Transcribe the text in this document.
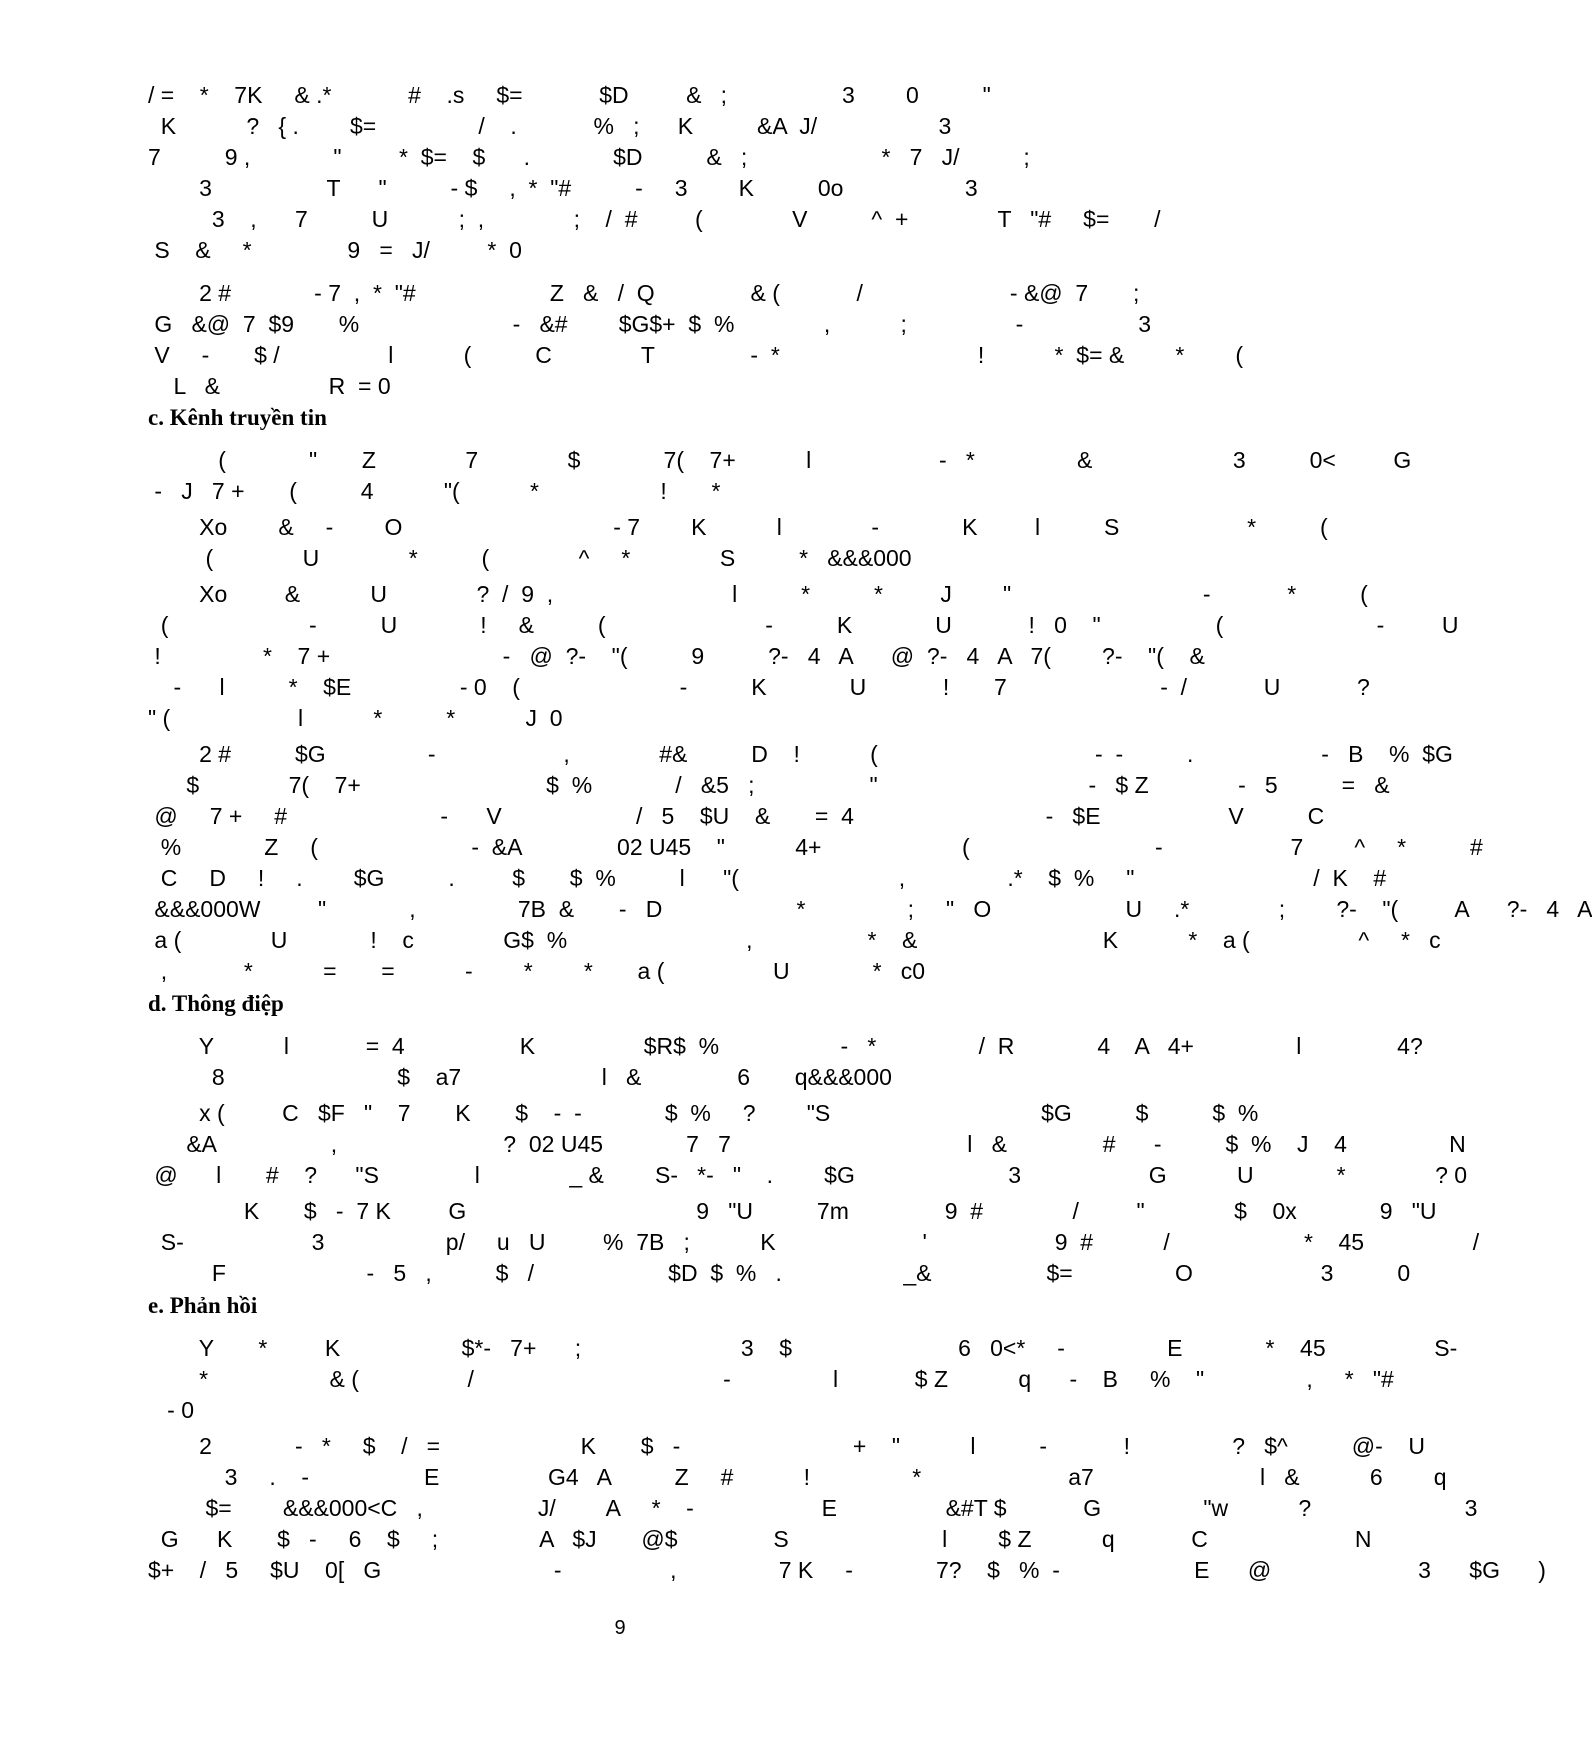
/ =    *    7K     & .*            #    .s     $=            $D         &   ;                  3        0          "
K           ?   { .        $=                /    .            %   ;      K          &A  J/                   3
7          9 ,             "         *  $=    $      .             $D          &   ;                     *   7   J/          ;
3                  T      "          - $     ,  *  "#          -     3        K          0o                   3
3    ,      7          U           ;  ,              ;    /  #         (              V          ^  +              T   "#     $=       /
S    &     *               9   =   J/         *  0
2 #             - 7  ,  *  "#                     Z   &   /  Q               & (            /                       - &@  7       ;
G   &@  7  $9       %                        -   &#        $G$+  $  %              ,           ;                 -                  3
V     -       $ /                 l           (          C              T               -  *                               !           *  $= &        *        (
L   &                 R  = 0
(             "       Z              7              $             7(    7+           l                    -   *                &                      3          0<         G
-   J   7 +       (          4           "(           *                   !       *
Xo        &     -        O                                 - 7        K           l              -             K         l          S                    *          (
(              U              *          (              ^     *              S          *   &&&000
Xo         &           U              ?  /  9  ,                            l          *          *         J        "                              -            *          (
(                      -          U             !     &          (                         -          K             U            !   0    "                  (                        -         U
!                *    7 +                           -   @  ?-    "(          9          ?-   4   A      @  ?-   4   A   7(        ?-    "(    &
-      l          *    $E                 - 0    (                         -          K             U            !       7                        -  /            U            ?
" (                    l           *          *           J  0
2 #          $G                -                    ,              #&          D    !           (                                  -  -          .                    -   B    %  $G
$              7(    7+                             $  %             /   &5   ;                  "                                 -   $ Z              -   5          =   &
@     7 +     #                        -      V                     /   5    $U    &       =  4                              -   $E                    V          C
%             Z     (                        -  &A               02 U45    "           4+                      (                             -                    7        ^     *          #
C     D     !     .        $G          .         $       $  %          l      "(                         ,                .*    $  %     "                            /  K    #
&&&000W         "             ,                7B  &       -   D                     *                ;     "   O                     U     .*              ;        ?-    "(         A      ?-   4   A
a (              U             !    c              G$  %                            ,                  *    &                             K           *    a (                 ^     *   c
,            *           =       =           -        *        *       a (                 U             *   c0
Y           l            =  4                  K                 $R$  %                   -   *                /  R             4    A   4+                l               4?
8                           $    a7                      l   &               6       q&&&000
x (         C   $F   "    7       K       $    -  -             $  %     ?        "S                                 $G          $          $  %
&A                  ,                          ?  02 U45             7   7                                     l   &               #      -          $  %    J    4                N
@      l       #    ?      "S               l              _ &        S-   *-   "    .        $G                        3                    G           U             *              ? 0
K       $   -  7 K         G                                    9   "U          7m               9  #              /         "              $    0x             9   "U
S-                    3                   p/     u   U         %  7B   ;           K                       '                    9  #           /                     *    45                 /
F                      -   5   ,          $   /                     $D  $  %   .                   _&                  $=                O                    3          0
Y       *         K                   $*-   7+      ;                         3    $                          6   0<*     -                E             *    45                 S-
*                   & (                 /                                       -                l            $ Z           q      -    B     %    "                ,     *   "#
- 0
2             -   *     $    /   =                      K       $   -                           +    "           l          -            !                ?   $^          @-    U
3     .    -                  E                 G4   A          Z     #           !                *                       a7                          l   &           6        q
$=        &&&000<C   ,                  J/        A     *    -                    E                 &#T $            G                "w           ?                        3
G      K       $   -     6    $     ;                A   $J       @$               S                        l        $ Z           q            C                       N
$+    /   5     $U    0[   G                           -                 ,                7 K     -             7?    $   %  -                     E      @                       3      $G      )
c. Kênh truyền tin
d. Thông điệp
e. Phản hồi
9
